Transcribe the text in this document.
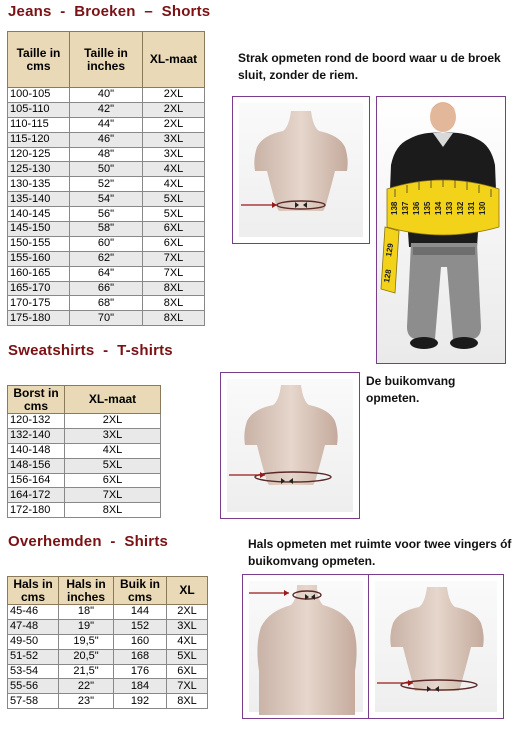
Jeans  -  Broeken  –  Shorts
Sweatshirts  -  T-shirts
Overhemden  -  Shirts
Taille in cms	Taille in inches	XL-maat
100-105	40"	2XL
105-110	42"	2XL
110-115	44"	2XL
115-120	46"	3XL
120-125	48"	3XL
125-130	50"	4XL
130-135	52"	4XL
135-140	54"	5XL
140-145	56"	5XL
145-150	58"	6XL
150-155	60"	6XL
155-160	62"	7XL
160-165	64"	7XL
165-170	66"	8XL
170-175	68"	8XL
175-180	70"	8XL
Borst in cms	XL-maat
120-132	2XL
132-140	3XL
140-148	4XL
148-156	5XL
156-164	6XL
164-172	7XL
172-180	8XL
Hals in cms	Hals in inches	Buik in cms	XL
45-46	18"	144	2XL
47-48	19"	152	3XL
49-50	19,5"	160	4XL
51-52	20,5"	168	5XL
53-54	21,5"	176	6XL
55-56	22"	184	7XL
57-58	23"	192	8XL
Strak opmeten rond de boord waar u de broek sluit, zonder de riem.
De buikomvang opmeten.
Hals opmeten met ruimte voor twee vingers óf buikomvang opmeten.
138 137 136 135 134 133 132 131 130
129
128
